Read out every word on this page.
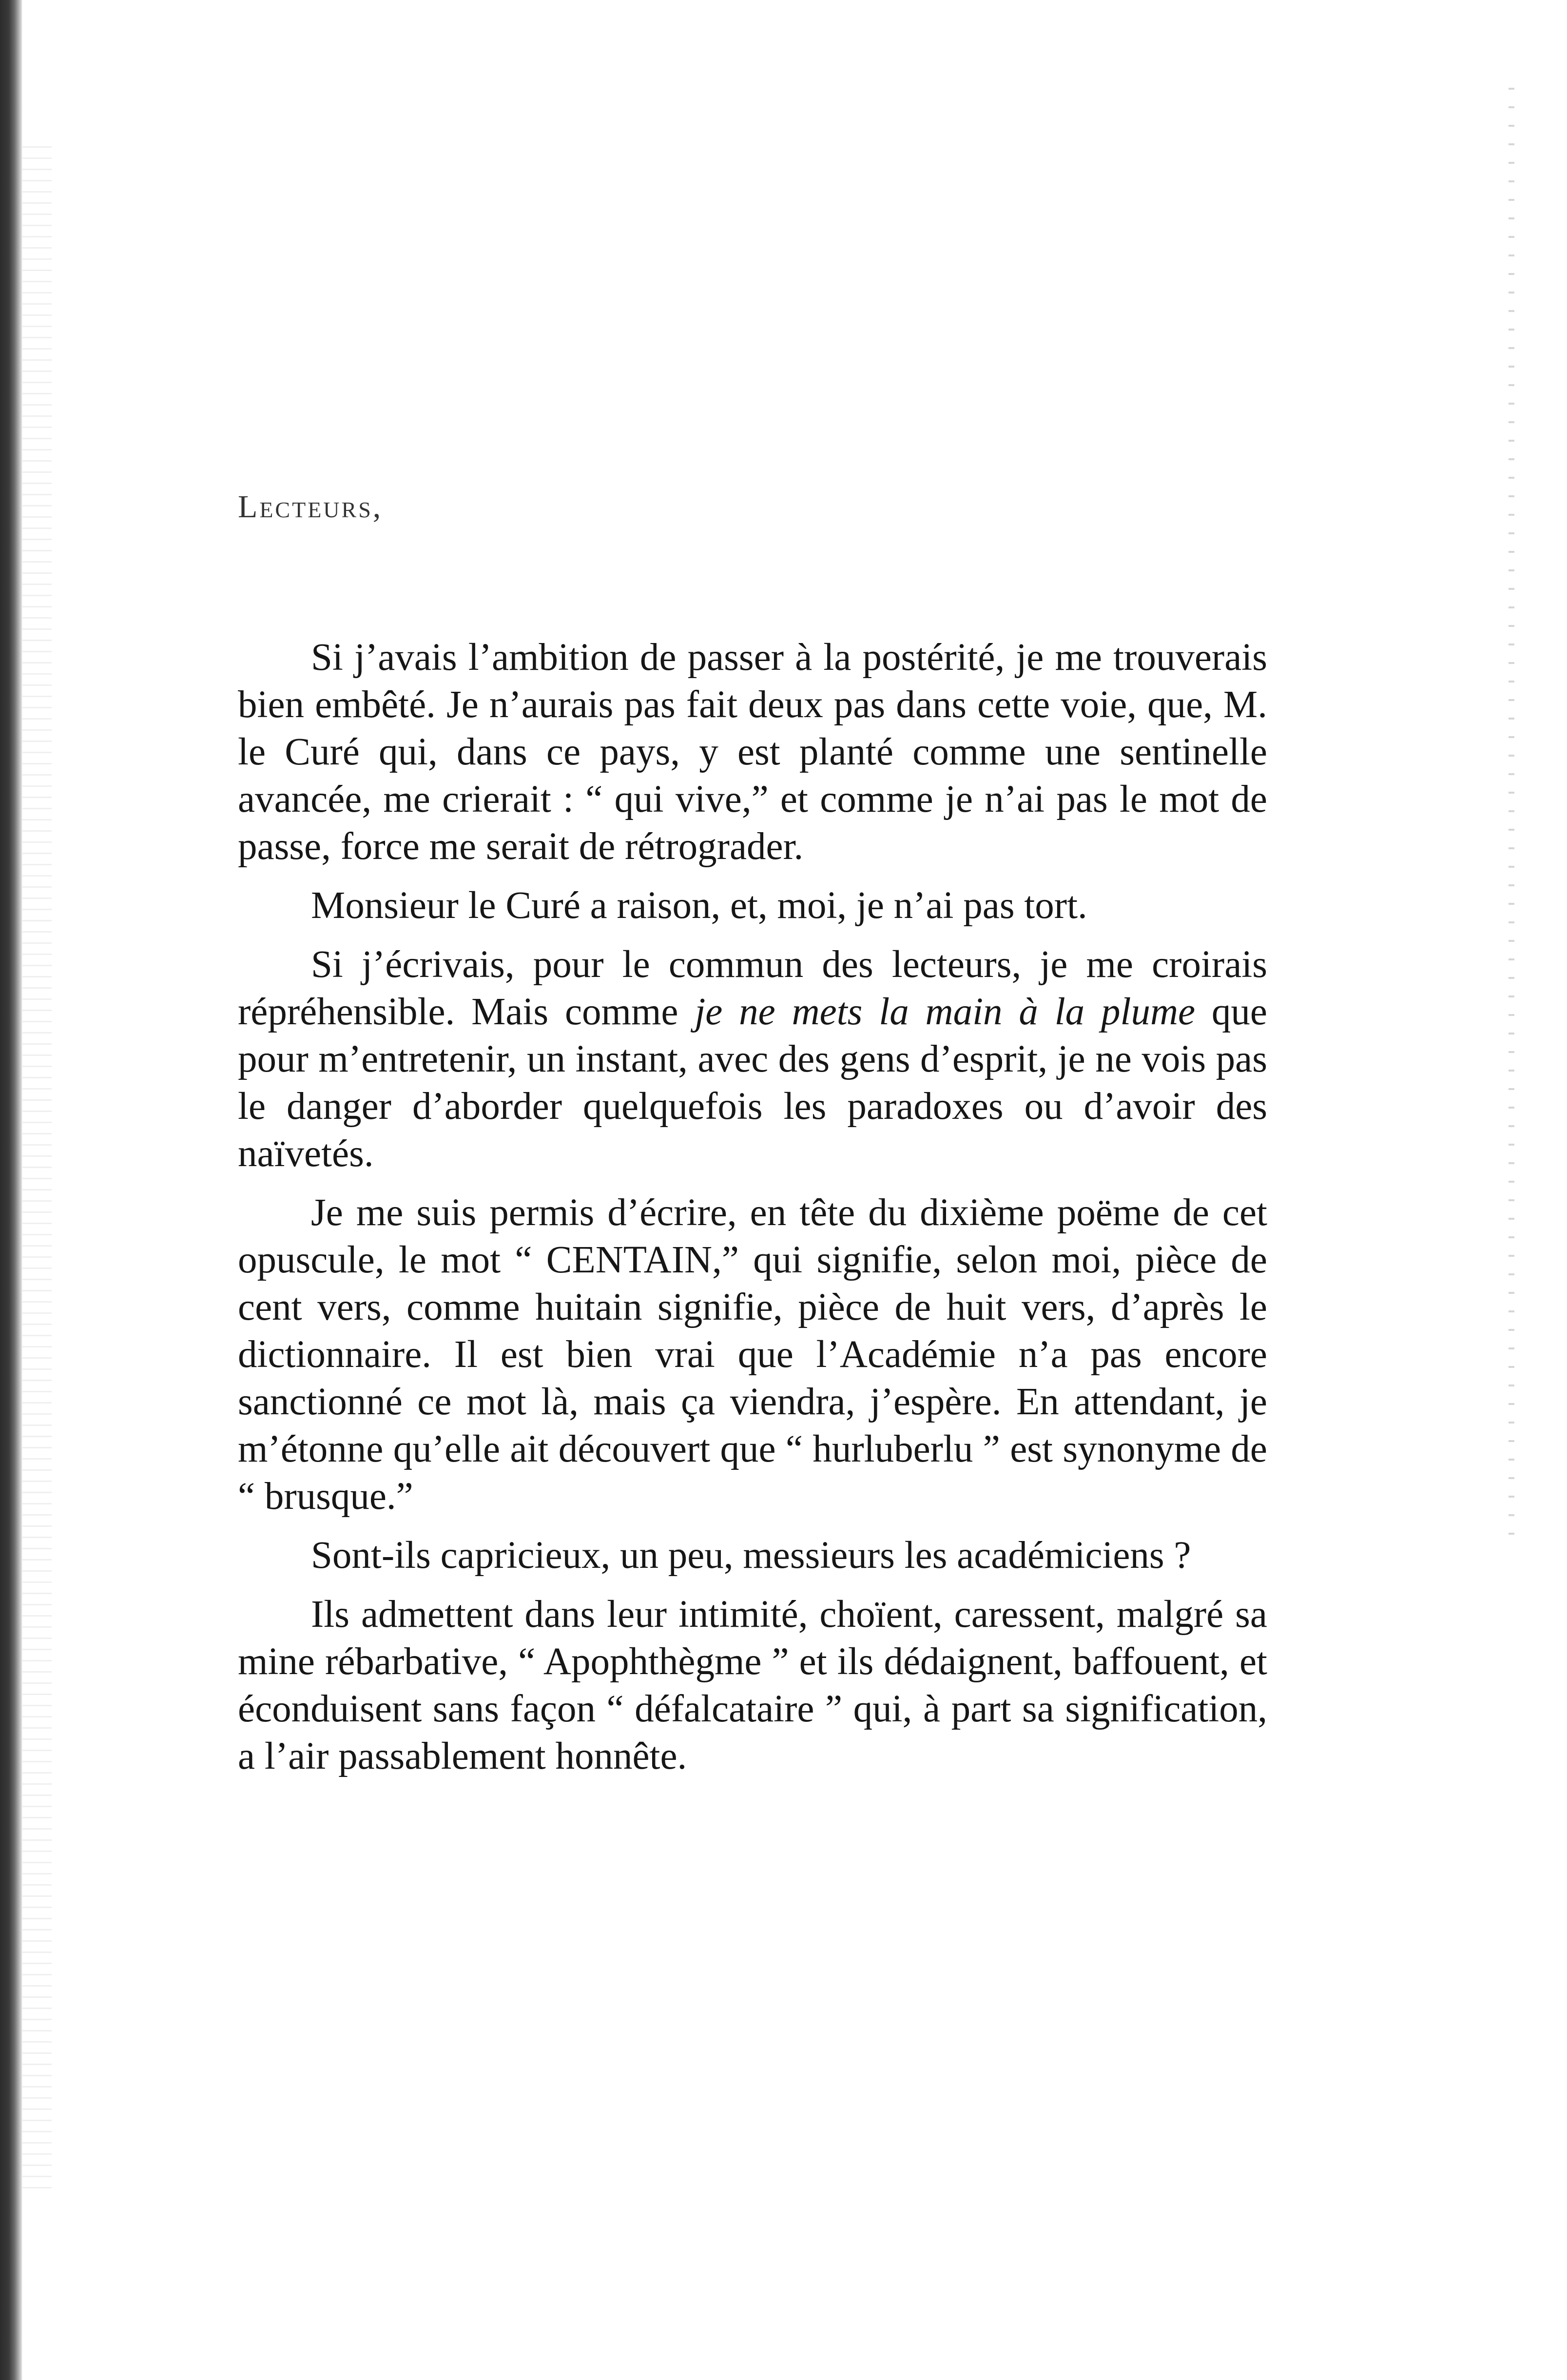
Lecteurs,

Si j’avais l’ambition de passer à la postérité, je me trouverais bien embêté. Je n’aurais pas fait deux pas dans cette voie, que, M. le Curé qui, dans ce pays, y est planté comme une sentinelle avancée, me crierait : “ qui vive,” et comme je n’ai pas le mot de passe, force me serait de rétrograder.

Monsieur le Curé a raison, et, moi, je n’ai pas tort.

Si j’écrivais, pour le commun des lecteurs, je me croirais répréhensible. Mais comme je ne mets la main à la plume que pour m’entretenir, un instant, avec des gens d’esprit, je ne vois pas le danger d’aborder quelquefois les paradoxes ou d’avoir des naïvetés.

Je me suis permis d’écrire, en tête du dixième poëme de cet opuscule, le mot “ CENTAIN,” qui signifie, selon moi, pièce de cent vers, comme huitain signifie, pièce de huit vers, d’après le dictionnaire. Il est bien vrai que l’Académie n’a pas encore sanctionné ce mot là, mais ça viendra, j’espère. En attendant, je m’étonne qu’elle ait découvert que “ hurluberlu ” est synonyme de “ brusque.”

Sont-ils capricieux, un peu, messieurs les académiciens ?

Ils admettent dans leur intimité, choïent, caressent, malgré sa mine rébarbative, “ Apophthègme ” et ils dédaignent, baffouent, et éconduisent sans façon “ défalcataire ” qui, à part sa signification, a l’air passablement honnête.
